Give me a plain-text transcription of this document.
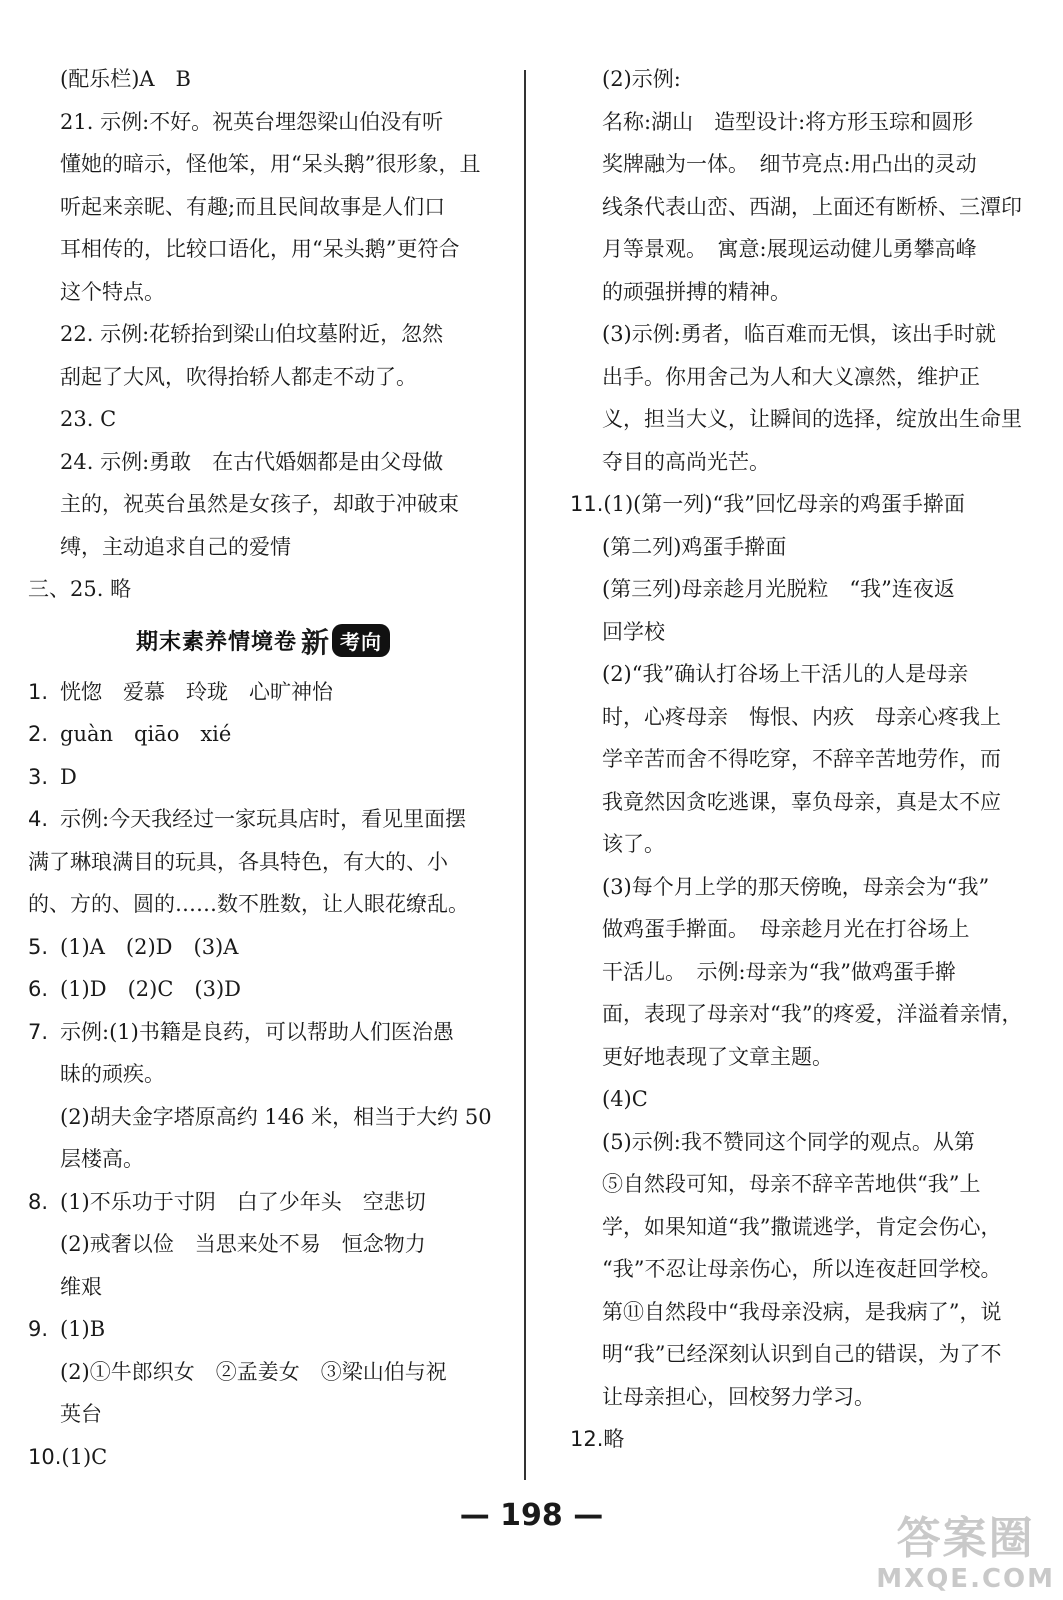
(配乐栏)A　B
21. 示例:不好。祝英台埋怨梁山伯没有听
懂她的暗示，怪他笨，用“呆头鹅”很形象，且
听起来亲昵、有趣;而且民间故事是人们口
耳相传的，比较口语化，用“呆头鹅”更符合
这个特点。
22. 示例:花轿抬到梁山伯坟墓附近，忽然
刮起了大风，吹得抬轿人都走不动了。
23. C
24. 示例:勇敢　在古代婚姻都是由父母做
主的，祝英台虽然是女孩子，却敢于冲破束
缚，主动追求自己的爱情
三、25. 略
期末素养情境卷 新 考向
1. 恍惚　爱慕　玲珑　心旷神怡
2. guàn　qiāo　xié
3. D
4. 示例:今天我经过一家玩具店时，看见里面摆
满了琳琅满目的玩具，各具特色，有大的、小
的、方的、圆的……数不胜数，让人眼花缭乱。
5. (1)A　(2)D　(3)A
6. (1)D　(2)C　(3)D
7. 示例:(1)书籍是良药，可以帮助人们医治愚
昧的顽疾。
(2)胡夫金字塔原高约 146 米，相当于大约 50
层楼高。
8. (1)不乐功于寸阴　白了少年头　空悲切
(2)戒奢以俭　当思来处不易　恒念物力
维艰
9. (1)B
(2)①牛郎织女　②孟姜女　③梁山伯与祝
英台
10.(1)C
(2)示例:
名称:湖山　造型设计:将方形玉琮和圆形
奖牌融为一体。　细节亮点:用凸出的灵动
线条代表山峦、西湖，上面还有断桥、三潭印
月等景观。　寓意:展现运动健儿勇攀高峰
的顽强拼搏的精神。
(3)示例:勇者，临百难而无惧，该出手时就
出手。你用舍己为人和大义凛然，维护正
义，担当大义，让瞬间的选择，绽放出生命里
夺目的高尚光芒。
11.(1)(第一列)“我”回忆母亲的鸡蛋手擀面
(第二列)鸡蛋手擀面
(第三列)母亲趁月光脱粒　“我”连夜返
回学校
(2)“我”确认打谷场上干活儿的人是母亲
时，心疼母亲　悔恨、内疚　母亲心疼我上
学辛苦而舍不得吃穿，不辞辛苦地劳作，而
我竟然因贪吃逃课，辜负母亲，真是太不应
该了。
(3)每个月上学的那天傍晚，母亲会为“我”
做鸡蛋手擀面。　母亲趁月光在打谷场上
干活儿。　示例:母亲为“我”做鸡蛋手擀
面，表现了母亲对“我”的疼爱，洋溢着亲情，
更好地表现了文章主题。
(4)C
(5)示例:我不赞同这个同学的观点。从第
⑤自然段可知，母亲不辞辛苦地供“我”上
学，如果知道“我”撒谎逃学，肯定会伤心，
“我”不忍让母亲伤心，所以连夜赶回学校。
第⑪自然段中“我母亲没病，是我病了”，说
明“我”已经深刻认识到自己的错误，为了不
让母亲担心，回校努力学习。
12.略
— 198 —	答案圈
MXQE.COM
